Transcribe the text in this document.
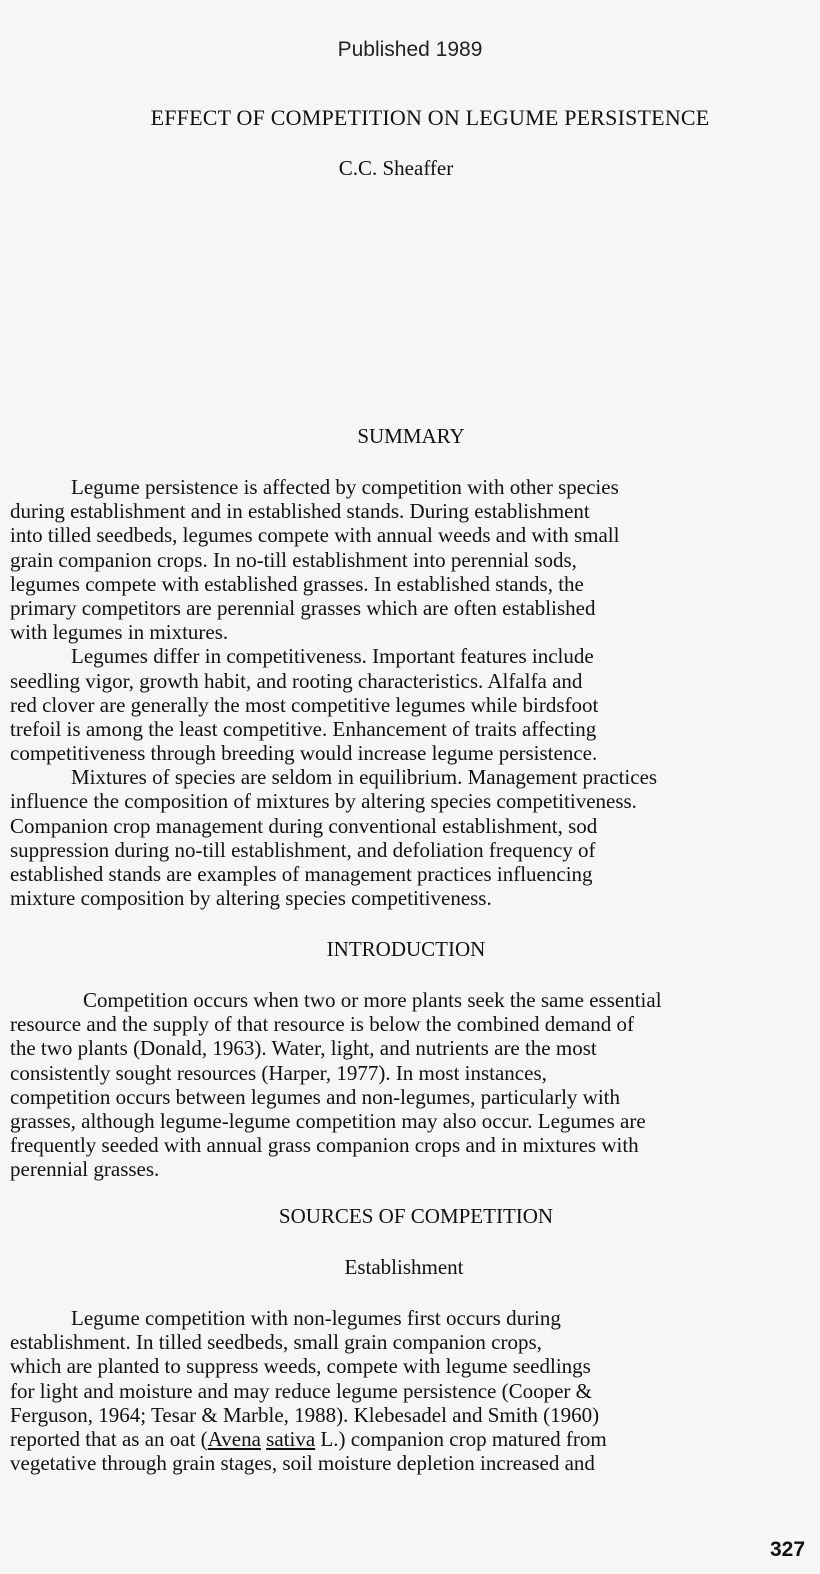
Published 1989
EFFECT OF COMPETITION ON LEGUME PERSISTENCE
C.C. Sheaffer
SUMMARY
Legume persistence is affected by competition with other species
during establishment and in established stands. During establishment
into tilled seedbeds, legumes compete with annual weeds and with small
grain companion crops. In no-till establishment into perennial sods,
legumes compete with established grasses. In established stands, the
primary competitors are perennial grasses which are often established
with legumes in mixtures.
Legumes differ in competitiveness. Important features include
seedling vigor, growth habit, and rooting characteristics. Alfalfa and
red clover are generally the most competitive legumes while birdsfoot
trefoil is among the least competitive. Enhancement of traits affecting
competitiveness through breeding would increase legume persistence.
Mixtures of species are seldom in equilibrium. Management practices
influence the composition of mixtures by altering species competitiveness.
Companion crop management during conventional establishment, sod
suppression during no-till establishment, and defoliation frequency of
established stands are examples of management practices influencing
mixture composition by altering species competitiveness.
INTRODUCTION
Competition occurs when two or more plants seek the same essential
resource and the supply of that resource is below the combined demand of
the two plants (Donald, 1963). Water, light, and nutrients are the most
consistently sought resources (Harper, 1977). In most instances,
competition occurs between legumes and non-legumes, particularly with
grasses, although legume-legume competition may also occur. Legumes are
frequently seeded with annual grass companion crops and in mixtures with
perennial grasses.
SOURCES OF COMPETITION
Establishment
Legume competition with non-legumes first occurs during
establishment. In tilled seedbeds, small grain companion crops,
which are planted to suppress weeds, compete with legume seedlings
for light and moisture and may reduce legume persistence (Cooper &
Ferguson, 1964; Tesar & Marble, 1988). Klebesadel and Smith (1960)
reported that as an oat (Avena sativa L.) companion crop matured from
vegetative through grain stages, soil moisture depletion increased and
327
